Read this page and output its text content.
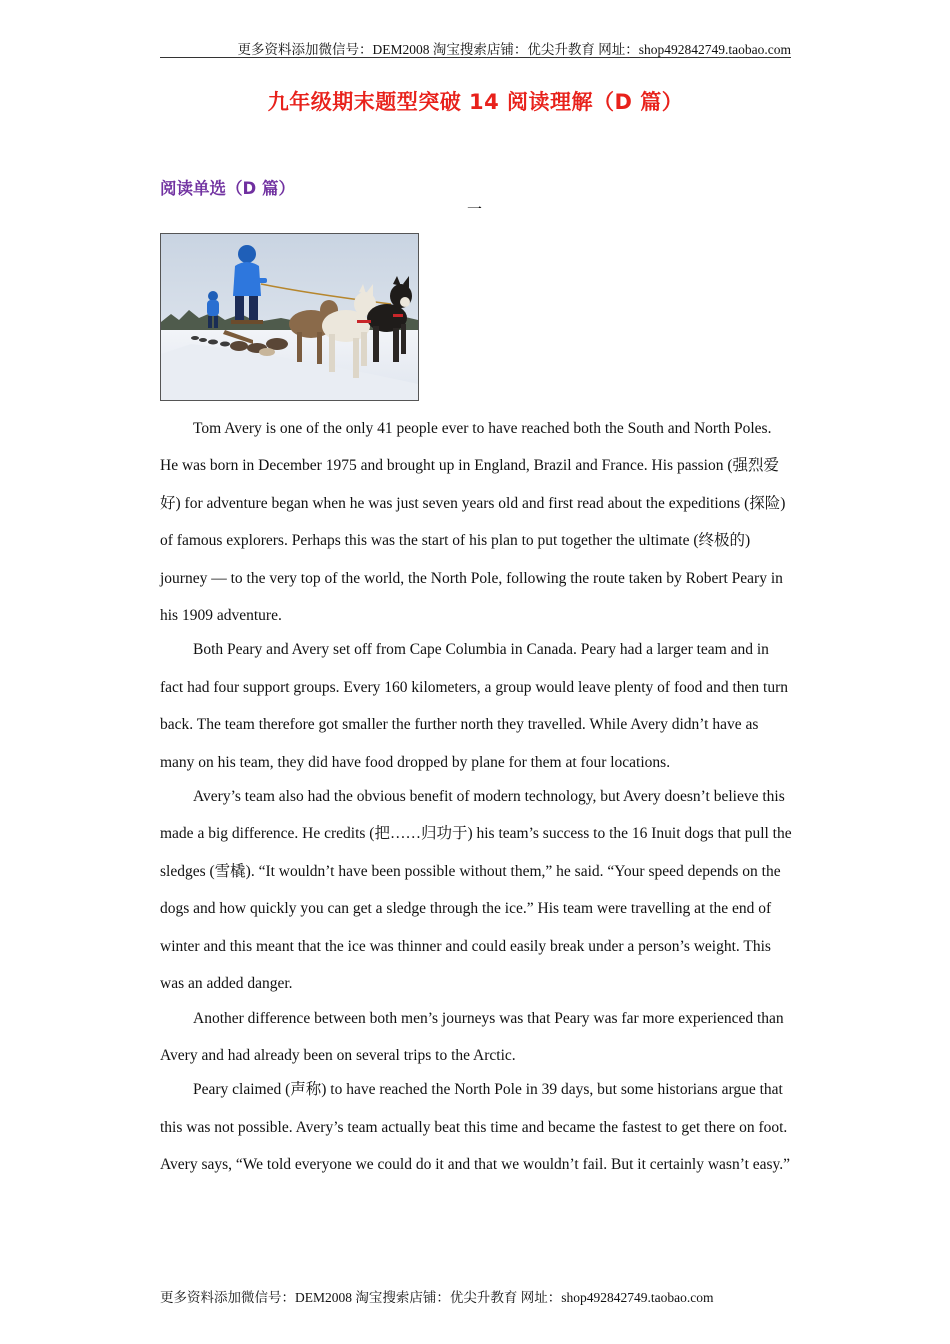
更多资料添加微信号：DEM2008 淘宝搜索店铺：优尖升教育 网址：shop492842749.taobao.com
九年级期末题型突破 14 阅读理解（D 篇）
阅读单选（D 篇）
一

Tom Avery is one of the only 41 people ever to have reached both the South and North Poles. He was born in December 1975 and brought up in England, Brazil and France. His passion (强烈爱好) for adventure began when he was just seven years old and first read about the expeditions (探险) of famous explorers. Perhaps this was the start of his plan to put together the ultimate (终极的) journey — to the very top of the world, the North Pole, following the route taken by Robert Peary in his 1909 adventure.

Both Peary and Avery set off from Cape Columbia in Canada. Peary had a larger team and in fact had four support groups. Every 160 kilometers, a group would leave plenty of food and then turn back. The team therefore got smaller the further north they travelled. While Avery didn’t have as many on his team, they did have food dropped by plane for them at four locations.

Avery’s team also had the obvious benefit of modern technology, but Avery doesn’t believe this made a big difference. He credits (把……归功于) his team’s success to the 16 Inuit dogs that pull the sledges (雪橇). “It wouldn’t have been possible without them,” he said. “Your speed depends on the dogs and how quickly you can get a sledge through the ice.” His team were travelling at the end of winter and this meant that the ice was thinner and could easily break under a person’s weight. This was an added danger.

Another difference between both men’s journeys was that Peary was far more experienced than Avery and had already been on several trips to the Arctic.

Peary claimed (声称) to have reached the North Pole in 39 days, but some historians argue that this was not possible. Avery’s team actually beat this time and became the fastest to get there on foot. Avery says, “We told everyone we could do it and that we wouldn’t fail. But it certainly wasn’t easy.”

更多资料添加微信号：DEM2008 淘宝搜索店铺：优尖升教育 网址：shop492842749.taobao.com
